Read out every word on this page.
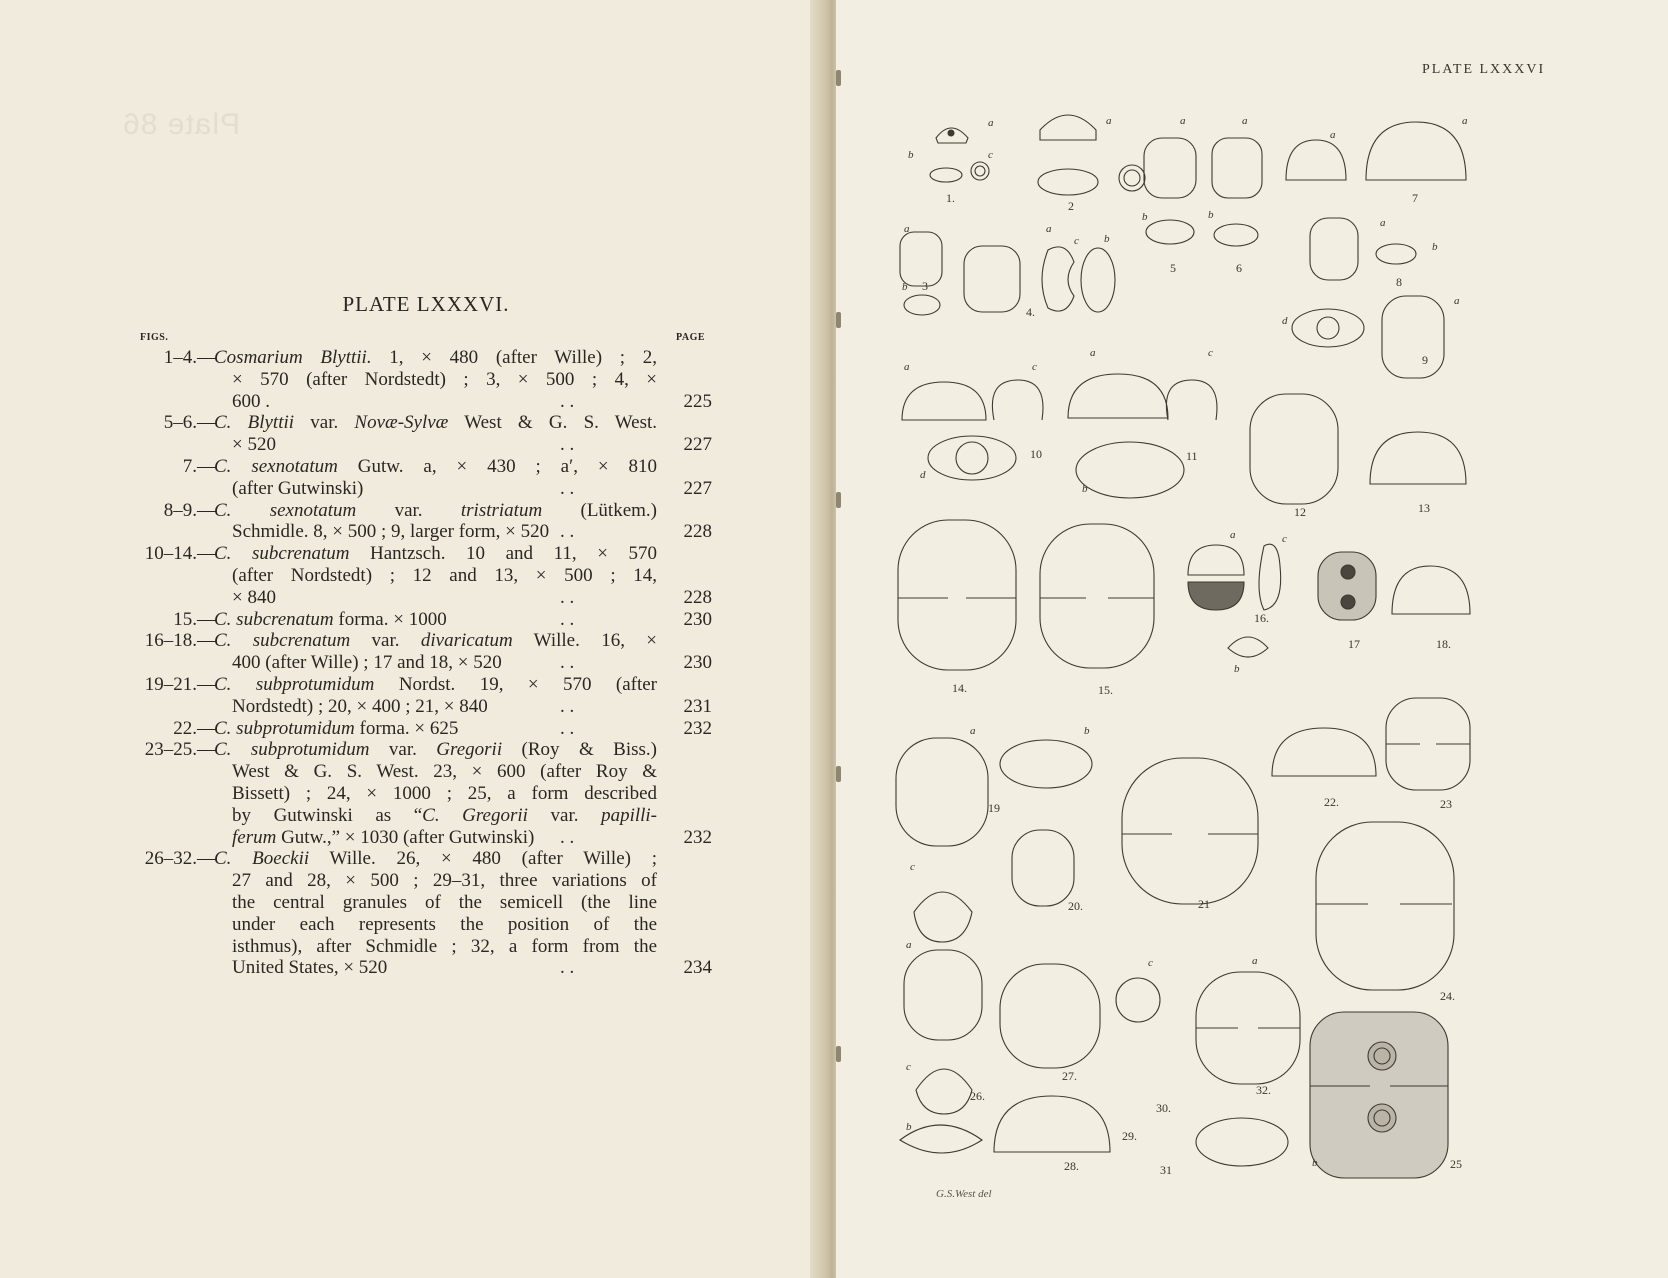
Plate 86
PLATE LXXXVI.
FIGS.	PAGE
1–4.—
Cosmarium Blyttii. 1, × 480 (after Wille) ; 2,
× 570 (after Nordstedt) ; 3, × 500 ; 4, ×
600 .	. .	225
5–6.—
C. Blyttii var. Novæ-Sylvæ West & G. S. West.
× 520	. .	227
7.—
C. sexnotatum Gutw. a, × 430 ; a′, × 810
(after Gutwinski)	. .	227
8–9.—
C. sexnotatum var. tristriatum (Lütkem.)
Schmidle. 8, × 500 ; 9, larger form, × 520 . .	228
10–14.—
C. subcrenatum Hantzsch. 10 and 11, × 570
(after Nordstedt) ; 12 and 13, × 500 ; 14,
× 840	. .	228
15.—
C. subcrenatum forma. × 1000	. .	230
16–18.—
C. subcrenatum var. divaricatum Wille. 16, ×
400 (after Wille) ; 17 and 18, × 520	. .	230
19–21.—
C. subprotumidum Nordst. 19, × 570 (after
Nordstedt) ; 20, × 400 ; 21, × 840	. .	231
22.—
C. subprotumidum forma. × 625	. .	232
23–25.—
C. subprotumidum var. Gregorii (Roy & Biss.)
West & G. S. West. 23, × 600 (after Roy &
Bissett) ; 24, × 1000 ; 25, a form described
by Gutwinski as “C. Gregorii var. papilli-
ferum Gutw.,” × 1030 (after Gutwinski)	. .	232
26–32.—
C. Boeckii Wille. 26, × 480 (after Wille) ;
27 and 28, × 500 ; 29–31, three variations of
the central granules of the semicell (the line
under each represents the position of the
isthmus), after Schmidle ; 32, a form from the
United States, × 520	. .	234
PLATE LXXXVI
G.S.West del
1.
2
3
4.
5	6
7
8
9
10	11
12	13
14.	15.
16.
17	18.
19
20.	21
22.	23
24.
25
26.
27.
28.
29.
30.
31
32.
a	a
b	c
a
b
a
b
a
a
a
b
a
c b
a
b
d
a
a	c
d
a	c
b
a	c
b
a	b
c
a
c
b
c	a
b
